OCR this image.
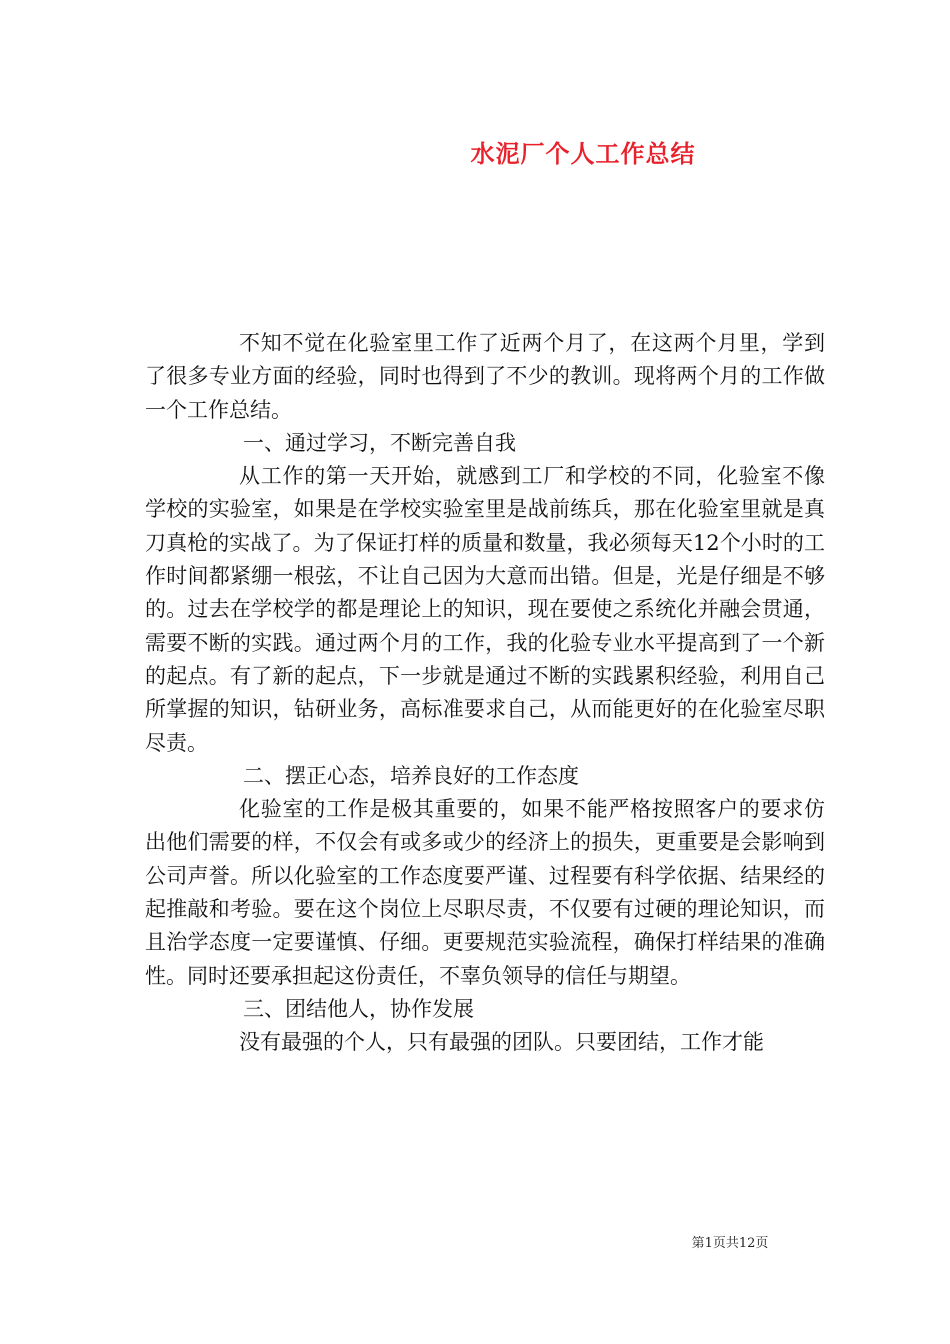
水泥厂个人工作总结

不知不觉在化验室里工作了近两个月了，在这两个月里，学到了很多专业方面的经验，同时也得到了不少的教训。现将两个月的工作做一个工作总结。

一、通过学习，不断完善自我

从工作的第一天开始，就感到工厂和学校的不同，化验室不像学校的实验室，如果是在学校实验室里是战前练兵，那在化验室里就是真刀真枪的实战了。为了保证打样的质量和数量，我必须每天12个小时的工作时间都紧绷一根弦，不让自己因为大意而出错。但是，光是仔细是不够的。过去在学校学的都是理论上的知识，现在要使之系统化并融会贯通，需要不断的实践。通过两个月的工作，我的化验专业水平提高到了一个新的起点。有了新的起点，下一步就是通过不断的实践累积经验，利用自己所掌握的知识，钻研业务，高标准要求自己，从而能更好的在化验室尽职尽责。

二、摆正心态，培养良好的工作态度

化验室的工作是极其重要的，如果不能严格按照客户的要求仿出他们需要的样，不仅会有或多或少的经济上的损失，更重要是会影响到公司声誉。所以化验室的工作态度要严谨、过程要有科学依据、结果经的起推敲和考验。要在这个岗位上尽职尽责，不仅要有过硬的理论知识，而且治学态度一定要谨慎、仔细。更要规范实验流程，确保打样结果的准确性。同时还要承担起这份责任，不辜负领导的信任与期望。

三、团结他人，协作发展

没有最强的个人，只有最强的团队。只要团结，工作才能

第1页共12页
